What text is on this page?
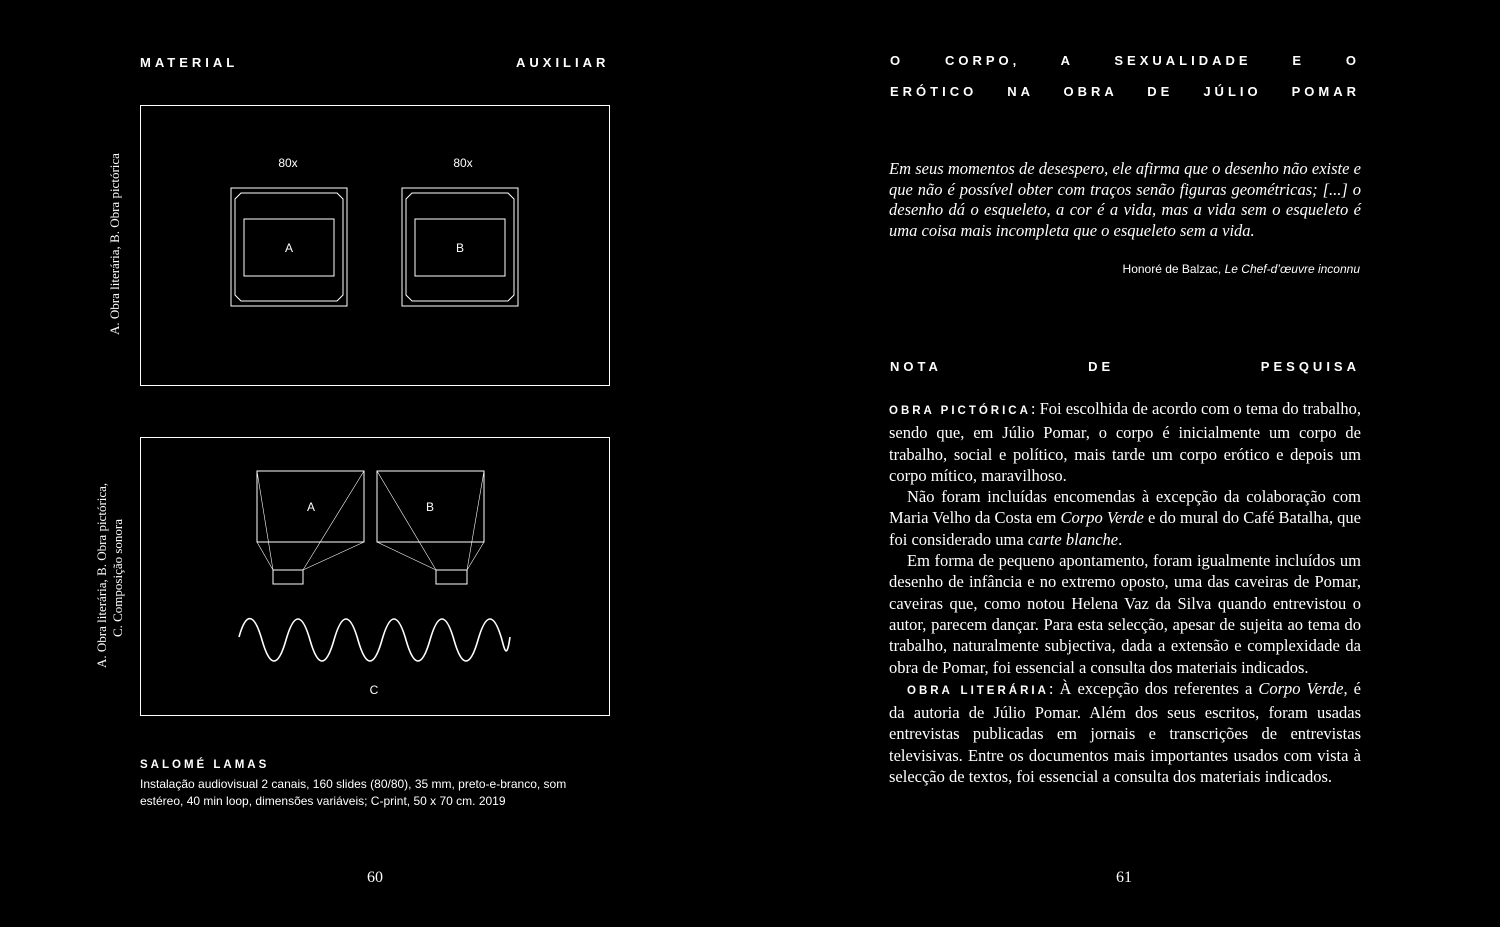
MATERIAL	AUXILIAR
A. Obra literária, B. Obra pictórica	80x	80x
A	B
A. Obra literária, B. Obra pictórica, C. Composição sonora
A	B
C
SALOMÉ LAMAS
Instalação audiovisual 2 canais, 160 slides (80/80), 35 mm, preto-e-branco, som
estéreo, 40 min loop, dimensões variáveis; C-print, 50 x 70 cm. 2019
60
O CORPO, A SEXUALIDADE E O
ERÓTICO NA OBRA DE JÚLIO POMAR
Em seus momentos de desespero, ele afirma que o desenho não existe e que não é possível obter com traços senão figuras geométricas; [...] o desenho dá o esqueleto, a cor é a vida, mas a vida sem o esqueleto é uma coisa mais incompleta que o esqueleto sem a vida.
Honoré de Balzac, Le Chef-d’œuvre inconnu
NOTA DE PESQUISA

OBRA PICTÓRICA: Foi escolhida de acordo com o tema do trabalho, sendo que, em Júlio Pomar, o corpo é inicialmente um corpo de trabalho, social e político, mais tarde um corpo erótico e depois um corpo mítico, maravilhoso.

Não foram incluídas encomendas à excepção da colaboração com Maria Velho da Costa em Corpo Verde e do mural do Café Batalha, que foi considerado uma carte blanche.

Em forma de pequeno apontamento, foram igualmente incluídos um desenho de infância e no extremo oposto, uma das caveiras de Pomar, caveiras que, como notou Helena Vaz da Silva quando entrevistou o autor, parecem dançar. Para esta selecção, apesar de sujeita ao tema do trabalho, naturalmente subjectiva, dada a extensão e complexidade da obra de Pomar, foi essencial a consulta dos materiais indicados.

OBRA LITERÁRIA: À excepção dos referentes a Corpo Verde, é da autoria de Júlio Pomar. Além dos seus escritos, foram usadas entrevistas publicadas em jornais e transcrições de entrevistas televisivas. Entre os documentos mais importantes usados com vista à selecção de textos, foi essencial a consulta dos materiais indicados.

61
